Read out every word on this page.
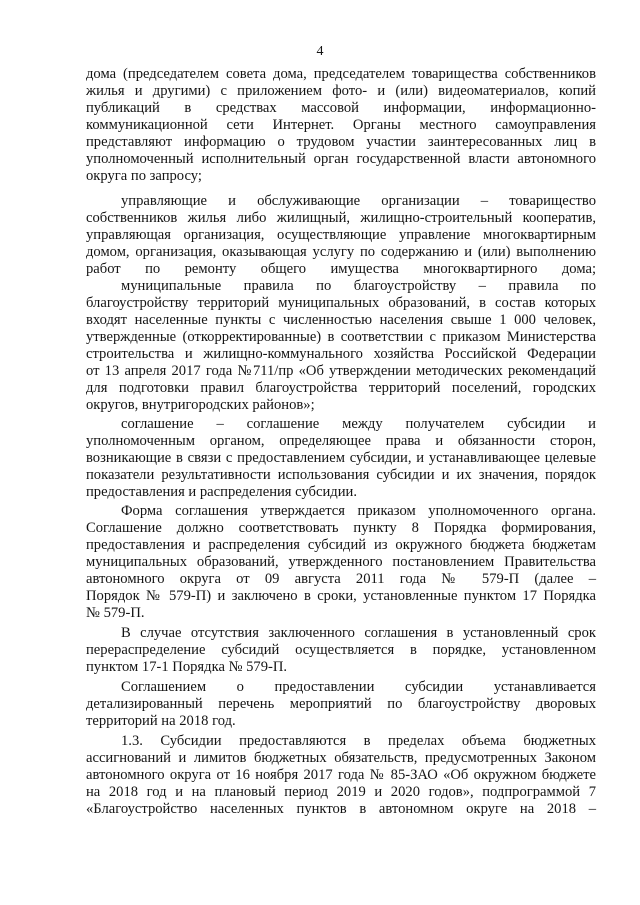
4
дома (председателем совета дома, председателем товарищества собственников
жилья и другими) с приложением фото- и (или) видеоматериалов, копий
публикаций в средствах массовой информации, информационно-
коммуникационной сети Интернет. Органы местного самоуправления
представляют информацию о трудовом участии заинтересованных лиц в
уполномоченный исполнительный орган государственной власти автономного
округа по запросу;
управляющие и обслуживающие организации – товарищество
собственников жилья либо жилищный, жилищно-строительный кооператив,
управляющая организация, осуществляющие управление многоквартирным
домом, организация, оказывающая услугу по содержанию и (или) выполнению
работ по ремонту общего имущества многоквартирного дома;
муниципальные правила по благоустройству – правила по
благоустройству территорий муниципальных образований, в состав которых
входят населенные пункты с численностью населения свыше 1 000 человек,
утвержденные (откорректированные) в соответствии с приказом Министерства
строительства и жилищно-коммунального хозяйства Российской Федерации
от 13 апреля 2017 года №711/пр «Об утверждении методических рекомендаций
для подготовки правил благоустройства территорий поселений, городских
округов, внутригородских районов»;
соглашение – соглашение между получателем субсидии и
уполномоченным органом, определяющее права и обязанности сторон,
возникающие в связи с предоставлением субсидии, и устанавливающее целевые
показатели результативности использования субсидии и их значения, порядок
предоставления и распределения субсидии.
Форма соглашения утверждается приказом уполномоченного органа.
Соглашение должно соответствовать пункту 8 Порядка формирования,
предоставления и распределения субсидий из окружного бюджета бюджетам
муниципальных образований, утвержденного постановлением Правительства
автономного округа от 09 августа 2011 года № 579-П (далее –
Порядок № 579-П) и заключено в сроки, установленные пунктом 17 Порядка
№ 579-П.
В случае отсутствия заключенного соглашения в установленный срок
перераспределение субсидий осуществляется в порядке, установленном
пунктом 17-1 Порядка № 579-П.
Соглашением о предоставлении субсидии устанавливается
детализированный перечень мероприятий по благоустройству дворовых
территорий на 2018 год.
1.3. Субсидии предоставляются в пределах объема бюджетных
ассигнований и лимитов бюджетных обязательств, предусмотренных Законом
автономного округа от 16 ноября 2017 года № 85-ЗАО «Об окружном бюджете
на 2018 год и на плановый период 2019 и 2020 годов», подпрограммой 7
«Благоустройство населенных пунктов в автономном округе на 2018 –
